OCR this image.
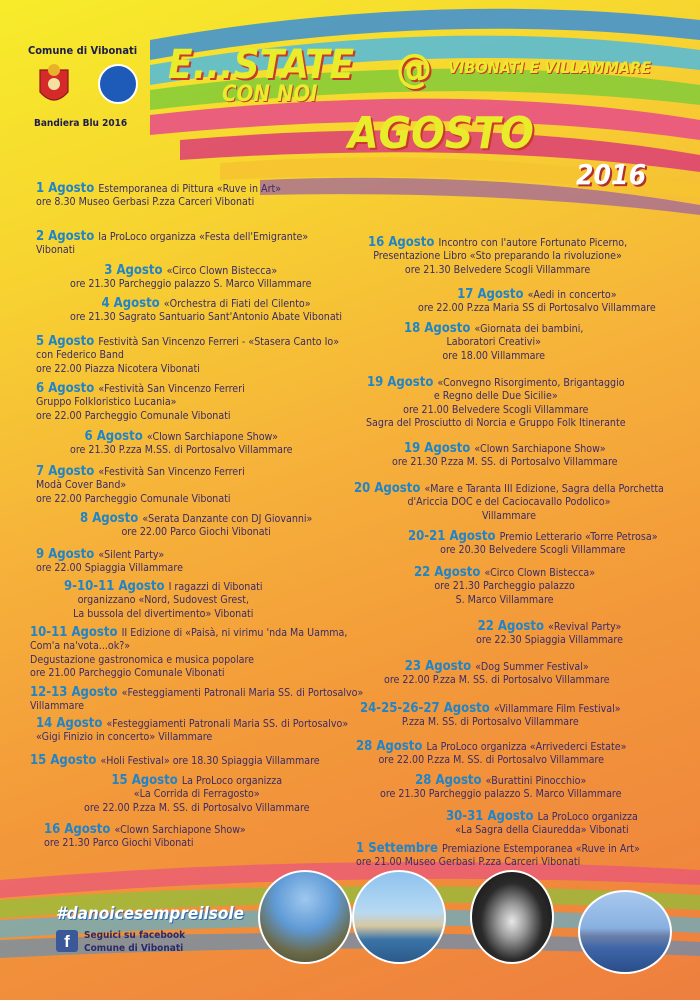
Comune di Vibonati
Bandiera Blu 2016
E...STATE
CON NOI
@ VIBONATI E VILLAMMARE
AGOSTO
2016
1 Agosto Estemporanea di Pittura «Ruve in Art»
ore 8.30 Museo Gerbasi P.zza Carceri Vibonati
2 Agosto la ProLoco organizza «Festa dell'Emigrante»
Vibonati
3 Agosto «Circo Clown Bistecca»
ore 21.30 Parcheggio palazzo S. Marco Villammare
4 Agosto «Orchestra di Fiati del Cilento»
ore 21.30 Sagrato Santuario Sant'Antonio Abate Vibonati
5 Agosto Festività San Vincenzo Ferreri - «Stasera Canto Io»
con Federico Band
ore 22.00 Piazza Nicotera Vibonati
6 Agosto «Festività San Vincenzo Ferreri
Gruppo Folkloristico Lucania»
ore 22.00 Parcheggio Comunale Vibonati
6 Agosto «Clown Sarchiapone Show»
ore 21.30 P.zza M.SS. di Portosalvo Villammare
7 Agosto «Festività San Vincenzo Ferreri
Modà Cover Band»
ore 22.00 Parcheggio Comunale Vibonati
8 Agosto «Serata Danzante con DJ Giovanni»
ore 22.00 Parco Giochi Vibonati
9 Agosto «Silent Party»
ore 22.00 Spiaggia Villammare
9-10-11 Agosto I ragazzi di Vibonati
organizzano «Nord, Sudovest Grest,
La bussola del divertimento» Vibonati
10-11 Agosto II Edizione di «Paisà, ni virimu 'nda Ma Uamma,
Com'a na'vota...ok?»
Degustazione gastronomica e musica popolare
ore 21.00 Parcheggio Comunale Vibonati
12-13 Agosto «Festeggiamenti Patronali Maria SS. di Portosalvo»
Villammare
14 Agosto «Festeggiamenti Patronali Maria SS. di Portosalvo»
«Gigi Finizio in concerto» Villammare
15 Agosto «Holi Festival» ore 18.30 Spiaggia Villammare
15 Agosto La ProLoco organizza
«La Corrida di Ferragosto»
ore 22.00 P.zza M. SS. di Portosalvo Villammare
16 Agosto «Clown Sarchiapone Show»
ore 21.30 Parco Giochi Vibonati
16 Agosto Incontro con l'autore Fortunato Picerno,
Presentazione Libro «Sto preparando la rivoluzione»
ore 21.30 Belvedere Scogli Villammare
17 Agosto «Aedi in concerto»
ore 22.00 P.zza Maria SS di Portosalvo Villammare
18 Agosto «Giornata dei bambini,
Laboratori Creativi»
ore 18.00 Villammare
19 Agosto «Convegno Risorgimento, Brigantaggio
e Regno delle Due Sicilie»
ore 21.00 Belvedere Scogli Villammare
Sagra del Prosciutto di Norcia e Gruppo Folk Itinerante
19 Agosto «Clown Sarchiapone Show»
ore 21.30 P.zza M. SS. di Portosalvo Villammare
20 Agosto «Mare e Taranta III Edizione, Sagra della Porchetta
d'Ariccia DOC e del Caciocavallo Podolico»
Villammare
20-21 Agosto Premio Letterario «Torre Petrosa»
ore 20.30 Belvedere Scogli Villammare
22 Agosto «Circo Clown Bistecca»
ore 21.30 Parcheggio palazzo
S. Marco Villammare
22 Agosto «Revival Party»
ore 22.30 Spiaggia Villammare
23 Agosto «Dog Summer Festival»
ore 22.00 P.zza M. SS. di Portosalvo Villammare
24-25-26-27 Agosto «Villammare Film Festival»
P.zza M. SS. di Portosalvo Villammare
28 Agosto La ProLoco organizza «Arrivederci Estate»
ore 22.00 P.zza M. SS. di Portosalvo Villammare
28 Agosto «Burattini Pinocchio»
ore 21.30 Parcheggio palazzo S. Marco Villammare
30-31 Agosto La ProLoco organizza
«La Sagra della Ciaureddа» Vibonati
1 Settembre Premiazione Estemporanea «Ruve in Art»
ore 21.00 Museo Gerbasi P.zza Carceri Vibonati
#danoicesempreilsole
f	Seguici su facebook
Comune di Vibonati
